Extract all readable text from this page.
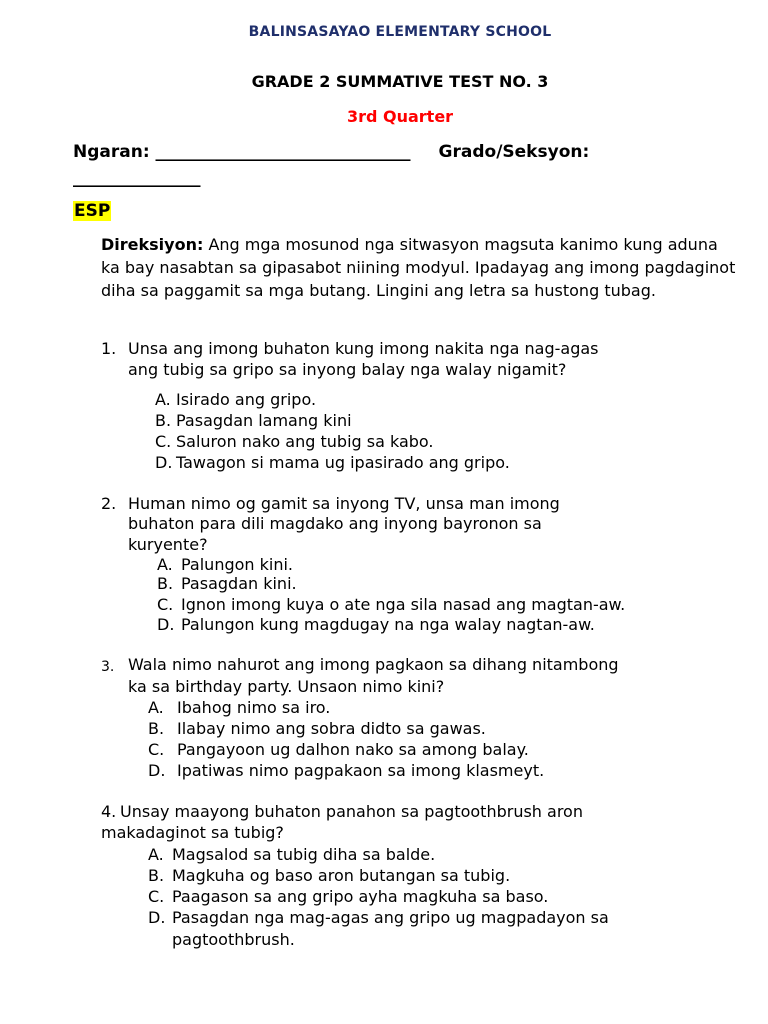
BALINSASAYAO ELEMENTARY SCHOOL
GRADE 2 SUMMATIVE TEST NO. 3
3rd Quarter
Ngaran: ______________________________ Grado/Seksyon:
_______________
ESP
Direksiyon: Ang mga mosunod nga sitwasyon magsuta kanimo kung aduna ka bay nasabtan sa gipasabot niining modyul. Ipadayag ang imong pagdaginot diha sa paggamit sa mga butang. Lingini ang letra sa hustong tubag.
1. Unsa ang imong buhaton kung imong nakita nga nag-agas
ang tubig sa gripo sa inyong balay nga walay nigamit?
A. Isirado ang gripo.
B. Pasagdan lamang kini
C. Saluron nako ang tubig sa kabo.
D. Tawagon si mama ug ipasirado ang gripo.
2. Human nimo og gamit sa inyong TV, unsa man imong
buhaton para dili magdako ang inyong bayronon sa
kuryente?
A. Palungon kini.
B. Pasagdan kini.
C. Ignon imong kuya o ate nga sila nasad ang magtan-aw.
D. Palungon kung magdugay na nga walay nagtan-aw.
3. Wala nimo nahurot ang imong pagkaon sa dihang nitambong
ka sa birthday party. Unsaon nimo kini?
A. Ibahog nimo sa iro.
B. Ilabay nimo ang sobra didto sa gawas.
C. Pangayoon ug dalhon nako sa among balay.
D. Ipatiwas nimo pagpakaon sa imong klasmeyt.
4. Unsay maayong buhaton panahon sa pagtoothbrush aron
makadaginot sa tubig?
A. Magsalod sa tubig diha sa balde.
B. Magkuha og baso aron butangan sa tubig.
C. Paagason sa ang gripo ayha magkuha sa baso.
D. Pasagdan nga mag-agas ang gripo ug magpadayon sa
pagtoothbrush.
